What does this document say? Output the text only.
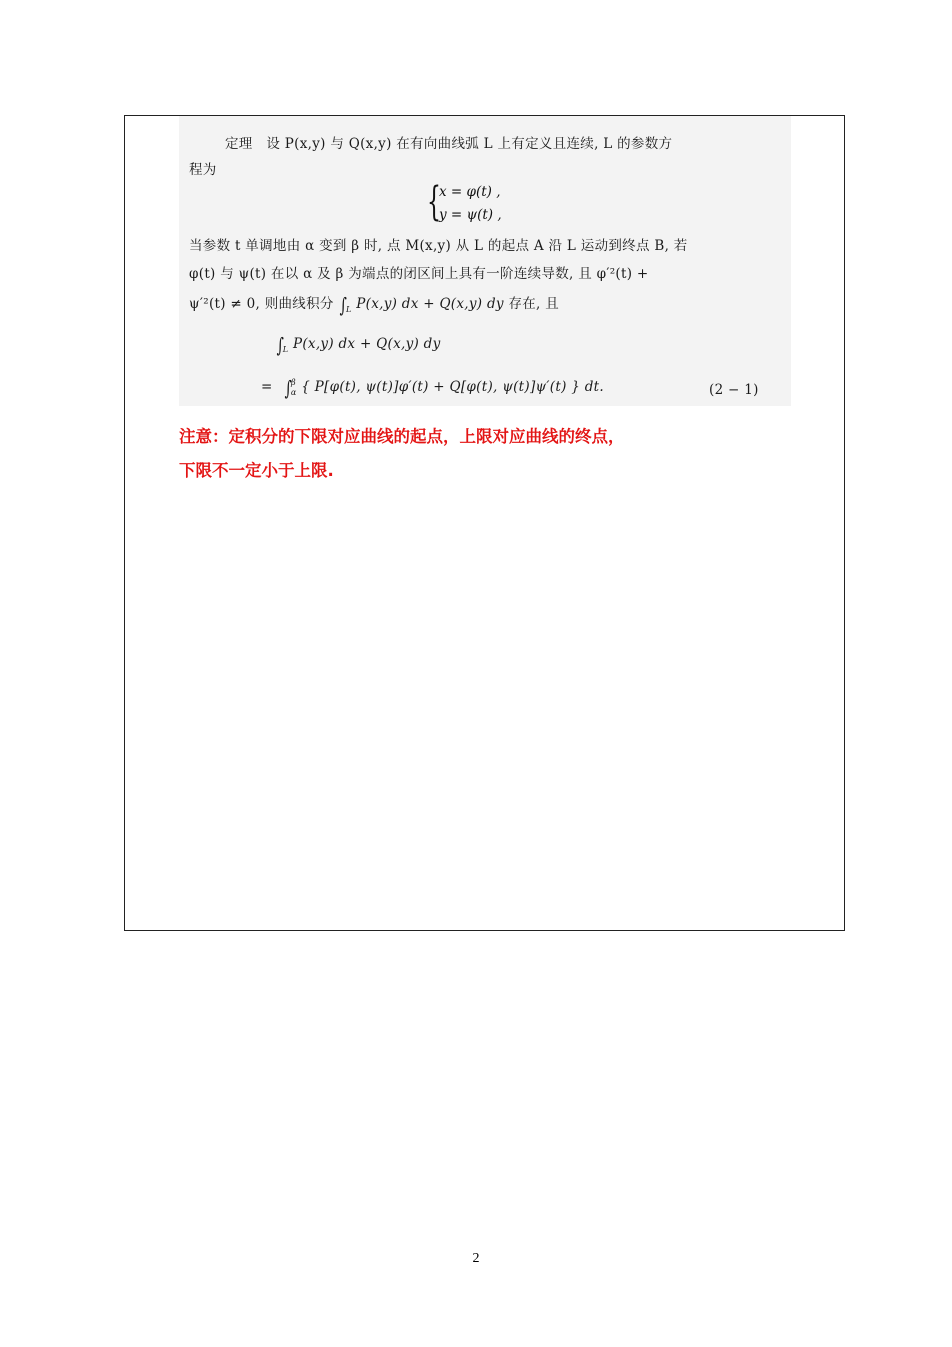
定理　设 P(x,y) 与 Q(x,y) 在有向曲线弧 L 上有定义且连续, L 的参数方
程为
{
x = φ(t) ,
y = ψ(t) ,
当参数 t 单调地由 α 变到 β 时, 点 M(x,y) 从 L 的起点 A 沿 L 运动到终点 B, 若
φ(t) 与 ψ(t) 在以 α 及 β 为端点的闭区间上具有一阶连续导数, 且 φ′²(t) +
ψ′²(t) ≠ 0, 则曲线积分 $\int_L$ P(x,y) dx + Q(x,y) dy 存在, 且
$\int_L$ P(x,y) dx + Q(x,y) dy
= ∫$^\beta_\alpha$ { P[φ(t), ψ(t)]φ′(t) + Q[φ(t), ψ(t)]ψ′(t) } dt.	(2 − 1)
注意：定积分的下限对应曲线的起点，上限对应曲线的终点，
下限不一定小于上限.
2
